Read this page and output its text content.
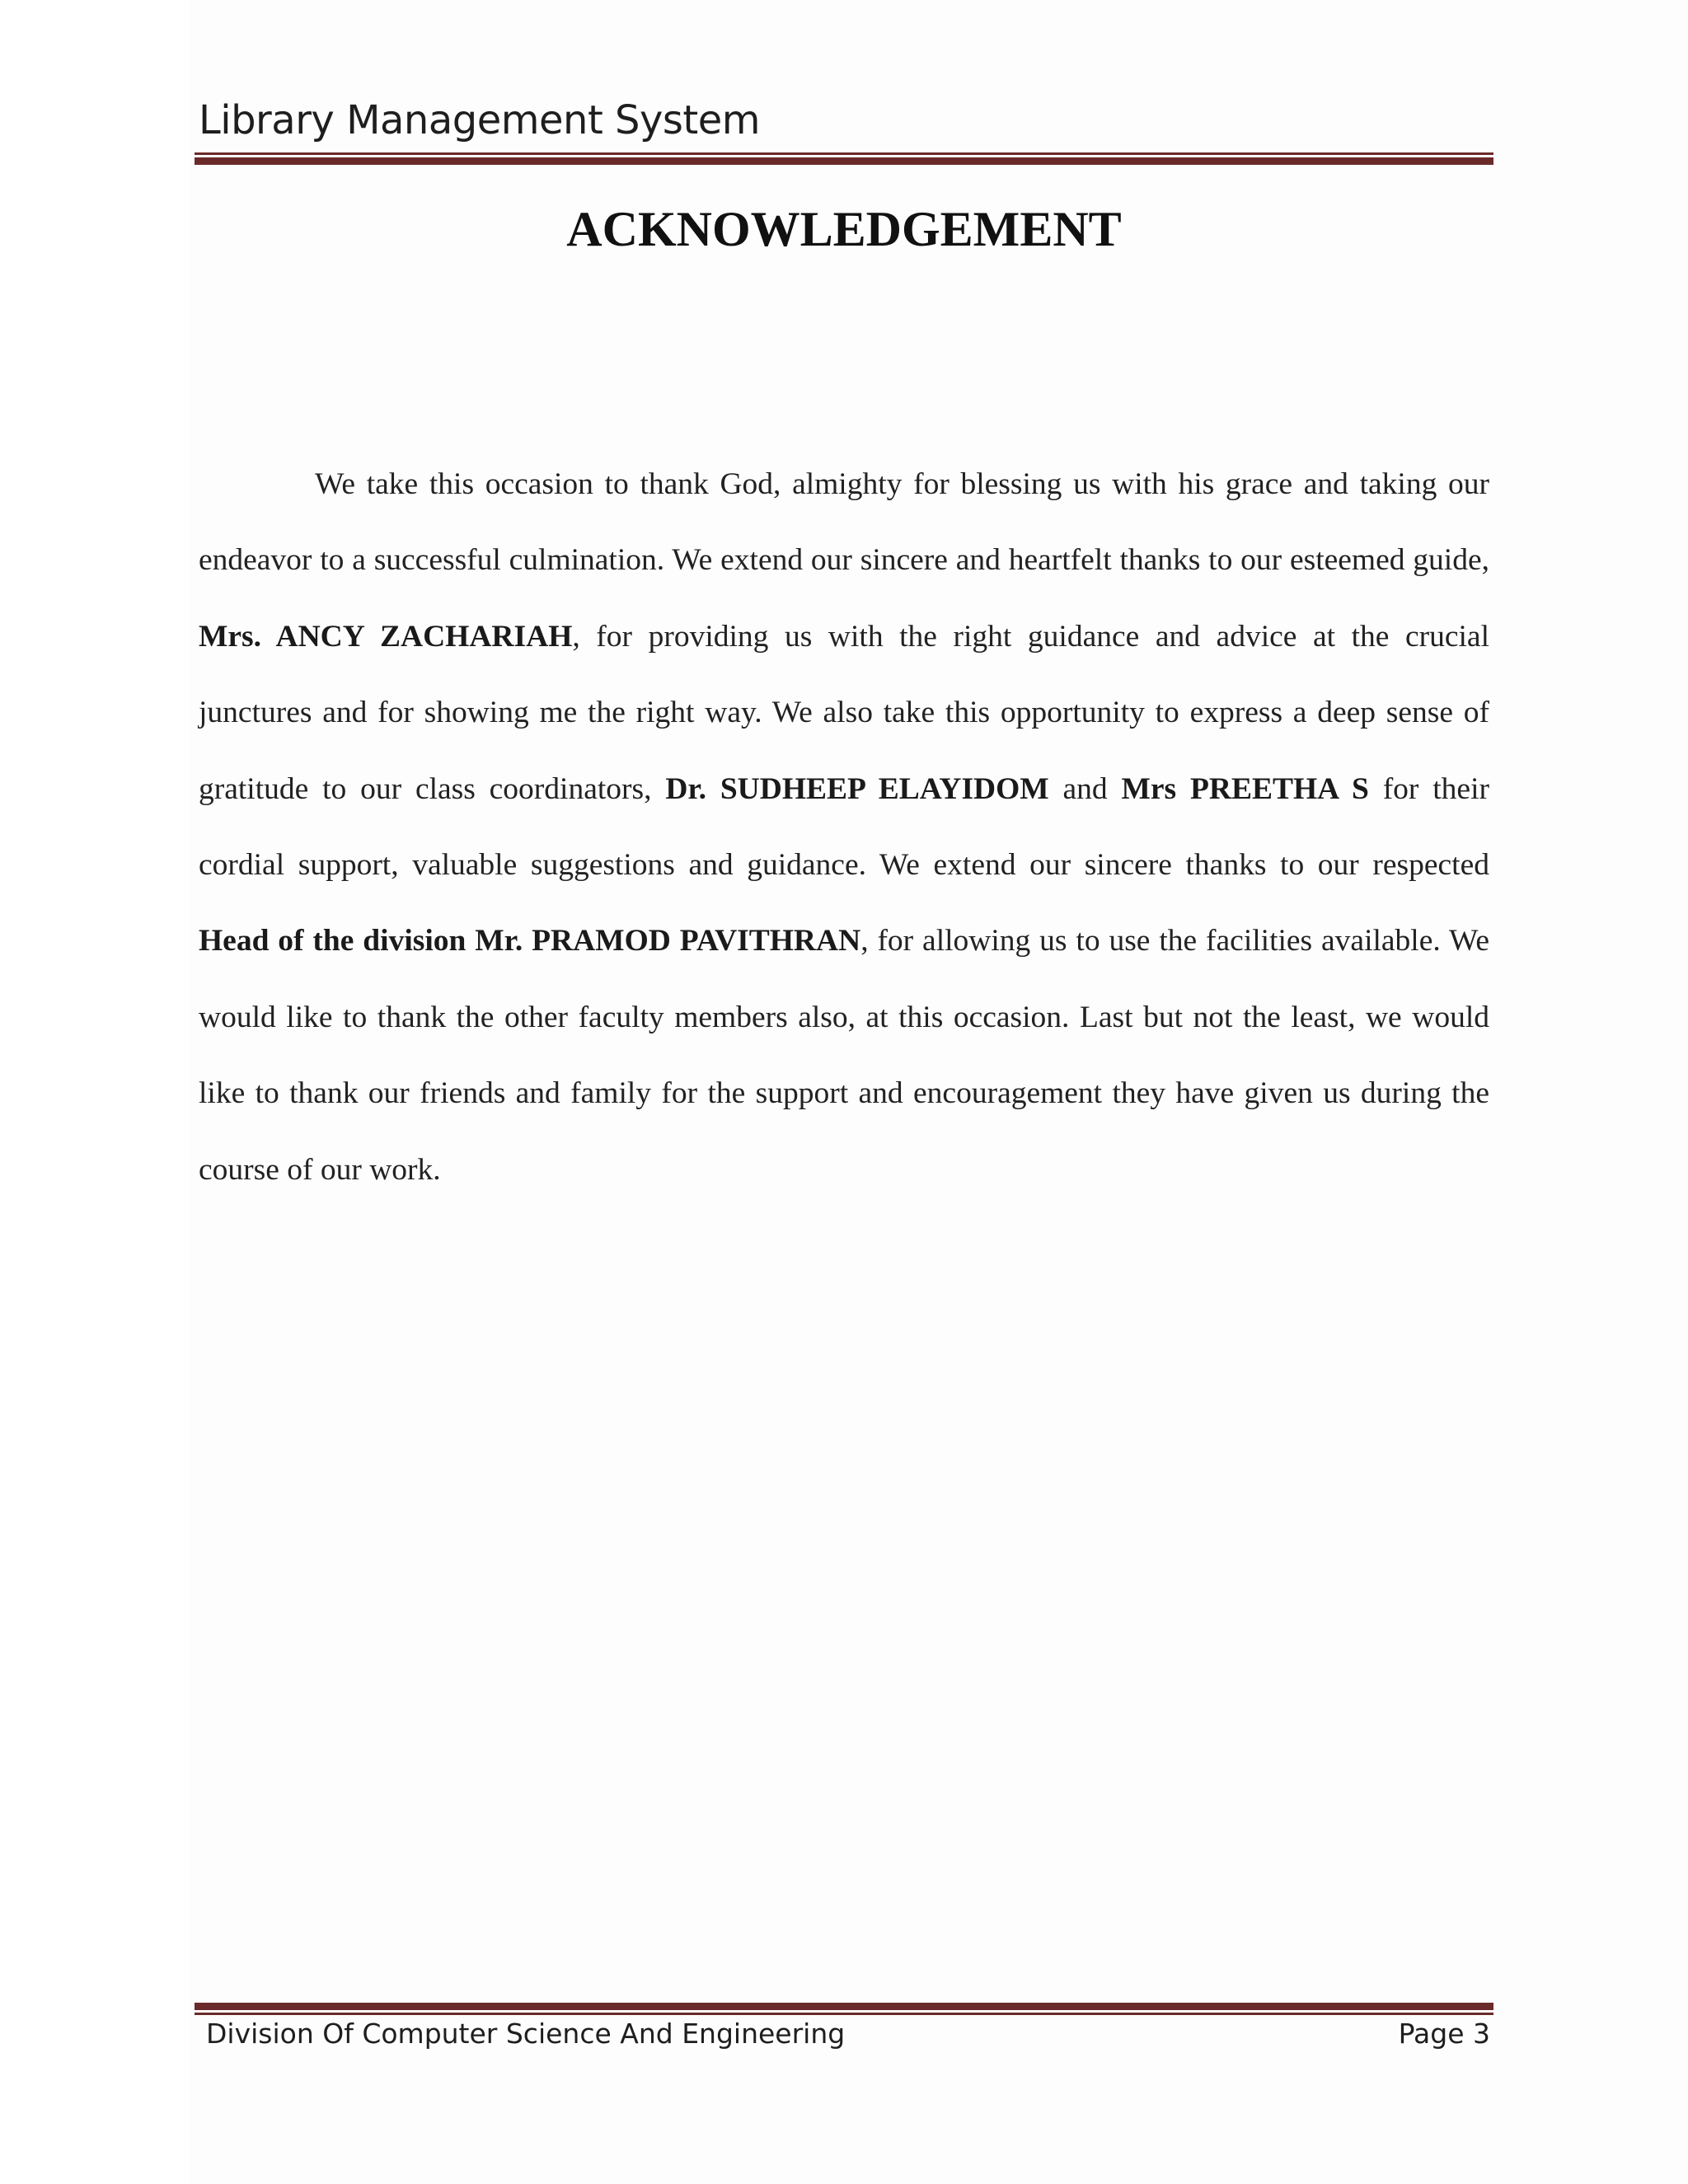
Library Management System
ACKNOWLEDGEMENT

We take this occasion to thank God, almighty for blessing us with his grace and taking our endeavor to a successful culmination. We extend our sincere and heartfelt thanks to our esteemed guide, Mrs. ANCY ZACHARIAH, for providing us with the right guidance and advice at the crucial junctures and for showing me the right way. We also take this opportunity to express a deep sense of gratitude to our class coordinators, Dr. SUDHEEP ELAYIDOM and Mrs PREETHA S for their cordial support, valuable suggestions and guidance. We extend our sincere thanks to our respected Head of the division Mr. PRAMOD PAVITHRAN, for allowing us to use the facilities available. We would like to thank the other faculty members also, at this occasion. Last but not the least, we would like to thank our friends and family for the support and encouragement they have given us during the course of our work.

Division Of Computer Science And Engineering	Page 3
